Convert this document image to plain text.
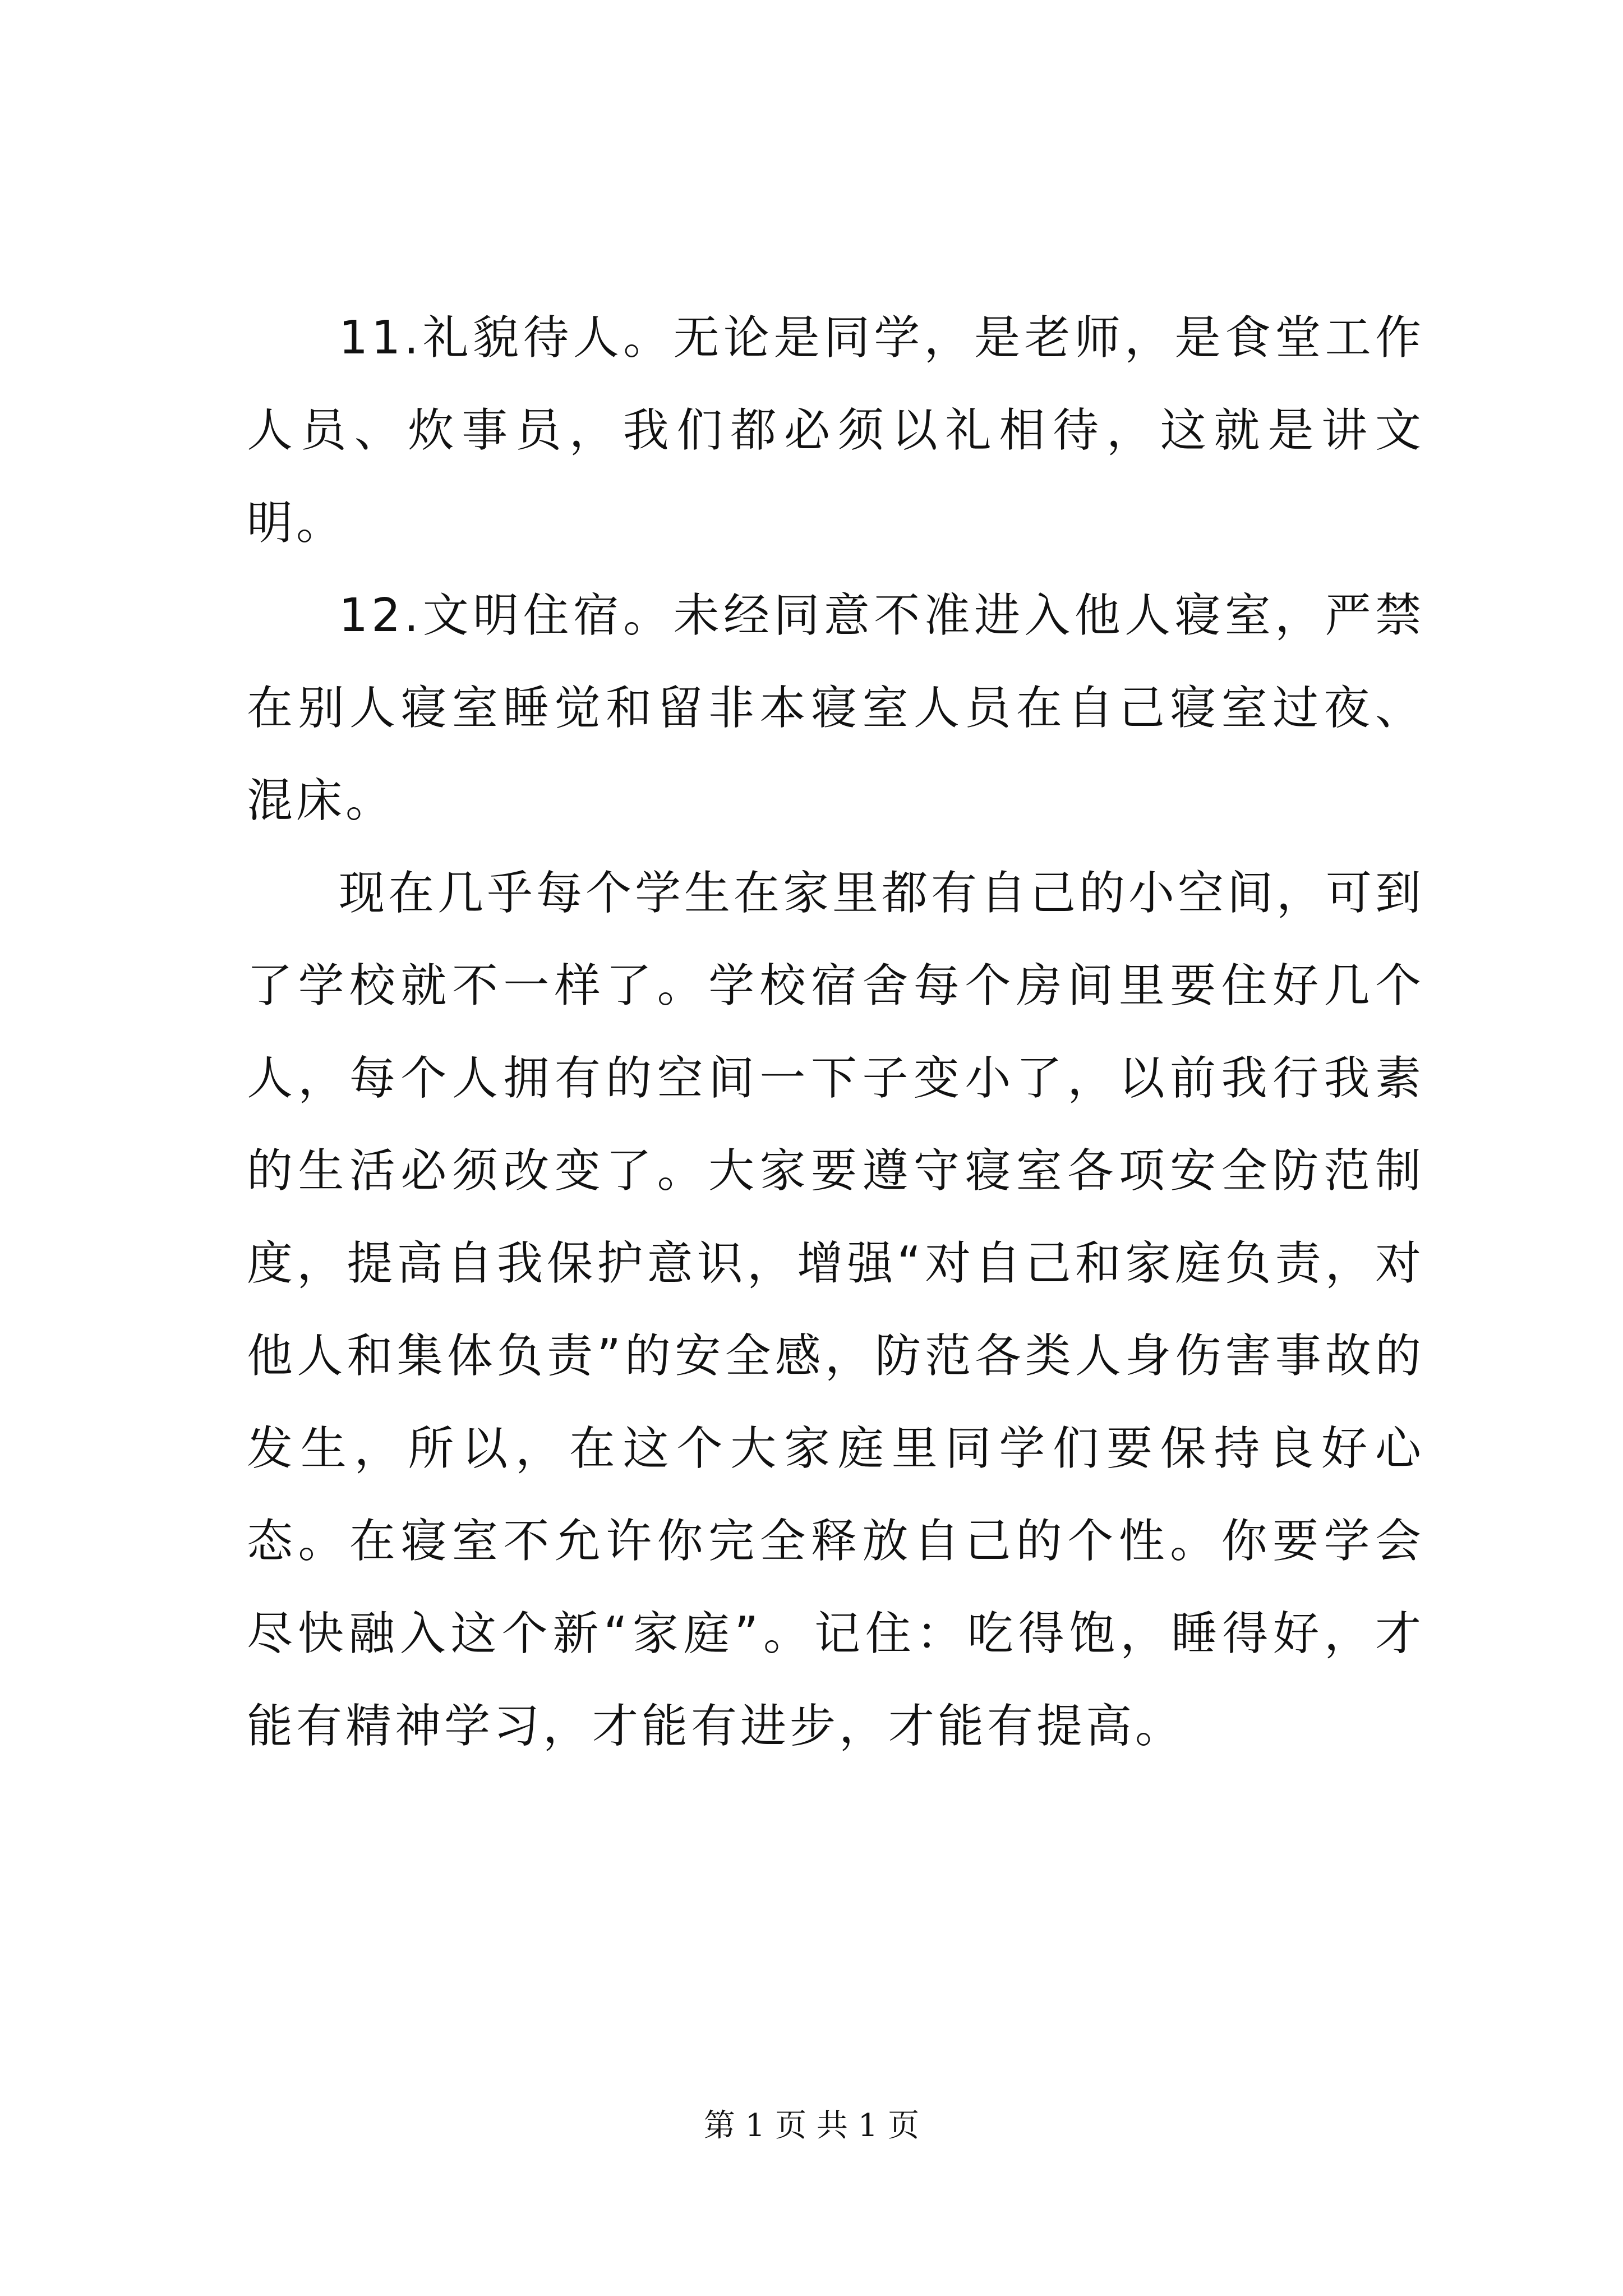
11.礼貌待人。无论是同学，是老师，是食堂工作人员、炊事员，我们都必须以礼相待，这就是讲文明。

12.文明住宿。未经同意不准进入他人寝室，严禁在别人寝室睡觉和留非本寝室人员在自己寝室过夜、混床。

现在几乎每个学生在家里都有自己的小空间，可到了学校就不一样了。学校宿舍每个房间里要住好几个人，每个人拥有的空间一下子变小了，以前我行我素的生活必须改变了。大家要遵守寝室各项安全防范制度，提高自我保护意识，增强“对自己和家庭负责，对他人和集体负责”的安全感，防范各类人身伤害事故的发生，所以，在这个大家庭里同学们要保持良好心态。在寝室不允许你完全释放自己的个性。你要学会尽快融入这个新“家庭”。记住：吃得饱，睡得好，才能有精神学习，才能有进步，才能有提高。

第 1 页 共 1 页
